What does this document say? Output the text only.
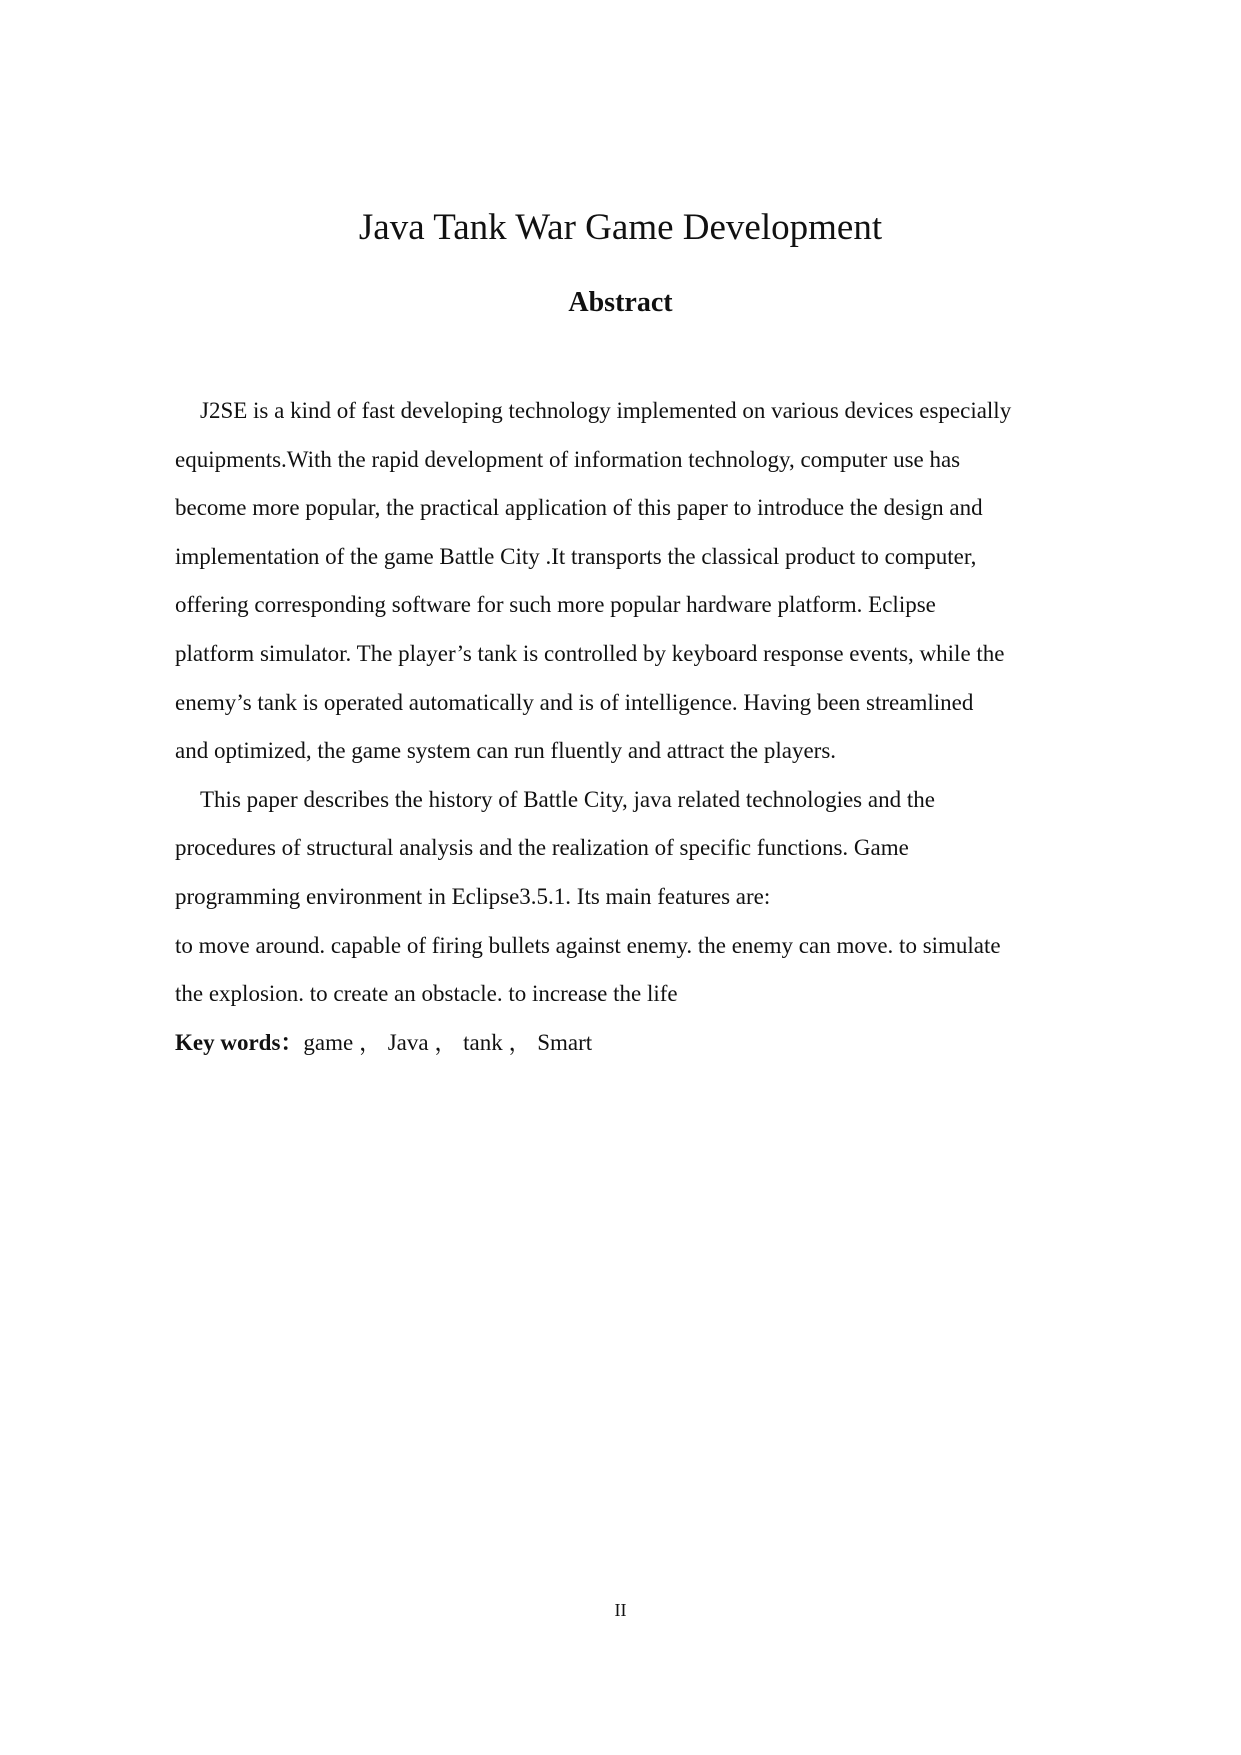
Java Tank War Game Development
Abstract
J2SE is a kind of fast developing technology implemented on various devices especially
equipments.With the rapid development of information technology, computer use has
become more popular, the practical application of this paper to introduce the design and
implementation of the game Battle City .It transports the classical product to computer,
offering corresponding software for such more popular hardware platform. Eclipse
platform simulator. The player’s tank is controlled by keyboard response events, while the
enemy’s tank is operated automatically and is of intelligence. Having been streamlined
and optimized, the game system can run fluently and attract the players.
This paper describes the history of Battle City, java related technologies and the
procedures of structural analysis and the realization of specific functions. Game
programming environment in Eclipse3.5.1. Its main features are:
to move around. capable of firing bullets against enemy. the enemy can move. to simulate
the explosion. to create an obstacle. to increase the life
Key words：game ， Java ， tank ， Smart
II
